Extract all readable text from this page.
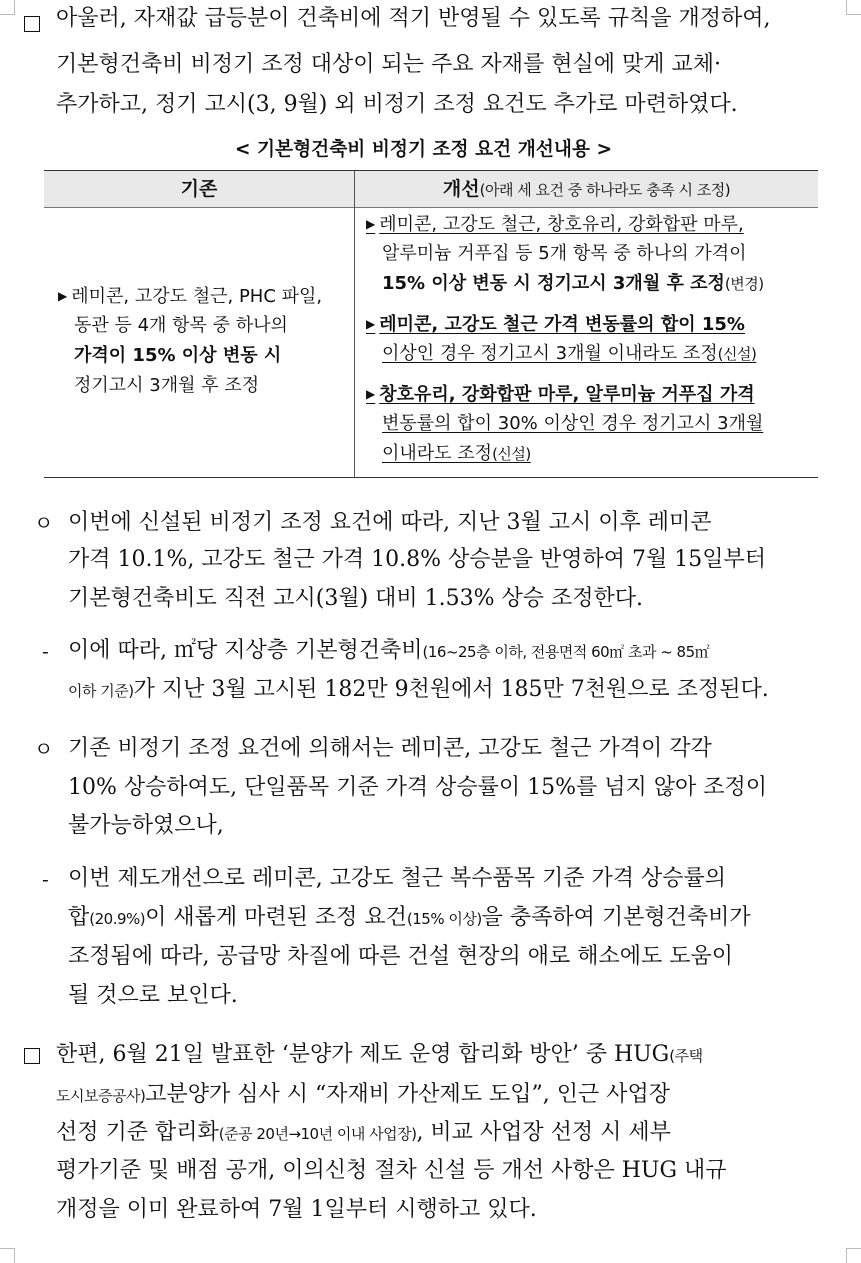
아울러, 자재값 급등분이 건축비에 적기 반영될 수 있도록 규칙을 개정하여,
기본형건축비 비정기 조정 대상이 되는 주요 자재를 현실에 맞게 교체·
추가하고, 정기 고시(3, 9월) 외 비정기 조정 요건도 추가로 마련하였다.
< 기본형건축비 비정기 조정 요건 개선내용 >
기존	개선(아래 세 요건 중 하나라도 충족 시 조정)
▶ 레미콘, 고강도 철근, PHC 파일,
동관 등 4개 항목 중 하나의
가격이 15% 이상 변동 시
정기고시 3개월 후 조정
▶ 레미콘, 고강도 철근, 창호유리, 강화합판 마루,
알루미늄 거푸집 등 5개 항목 중 하나의 가격이
15% 이상 변동 시 정기고시 3개월 후 조정(변경)
▶ 레미콘, 고강도 철근 가격 변동률의 합이 15%
이상인 경우 정기고시 3개월 이내라도 조정(신설)
▶ 창호유리, 강화합판 마루, 알루미늄 거푸집 가격
변동률의 합이 30% 이상인 경우 정기고시 3개월
이내라도 조정(신설)
ㅇ 이번에 신설된 비정기 조정 요건에 따라, 지난 3월 고시 이후 레미콘
가격 10.1%, 고강도 철근 가격 10.8% 상승분을 반영하여 7월 15일부터
기본형건축비도 직전 고시(3월) 대비 1.53% 상승 조정한다.
- 이에 따라, ㎡당 지상층 기본형건축비(16~25층 이하, 전용면적 60㎡ 초과 ~ 85㎡
이하 기준)가 지난 3월 고시된 182만 9천원에서 185만 7천원으로 조정된다.
ㅇ 기존 비정기 조정 요건에 의해서는 레미콘, 고강도 철근 가격이 각각
10% 상승하여도, 단일품목 기준 가격 상승률이 15%를 넘지 않아 조정이
불가능하였으나,
- 이번 제도개선으로 레미콘, 고강도 철근 복수품목 기준 가격 상승률의
합(20.9%)이 새롭게 마련된 조정 요건(15% 이상)을 충족하여 기본형건축비가
조정됨에 따라, 공급망 차질에 따른 건설 현장의 애로 해소에도 도움이
될 것으로 보인다.
한편, 6월 21일 발표한 ‘분양가 제도 운영 합리화 방안’ 중 HUG(주택
도시보증공사)고분양가 심사 시 “자재비 가산제도 도입”, 인근 사업장
선정 기준 합리화(준공 20년→10년 이내 사업장), 비교 사업장 선정 시 세부
평가기준 및 배점 공개, 이의신청 절차 신설 등 개선 사항은 HUG 내규
개정을 이미 완료하여 7월 1일부터 시행하고 있다.
